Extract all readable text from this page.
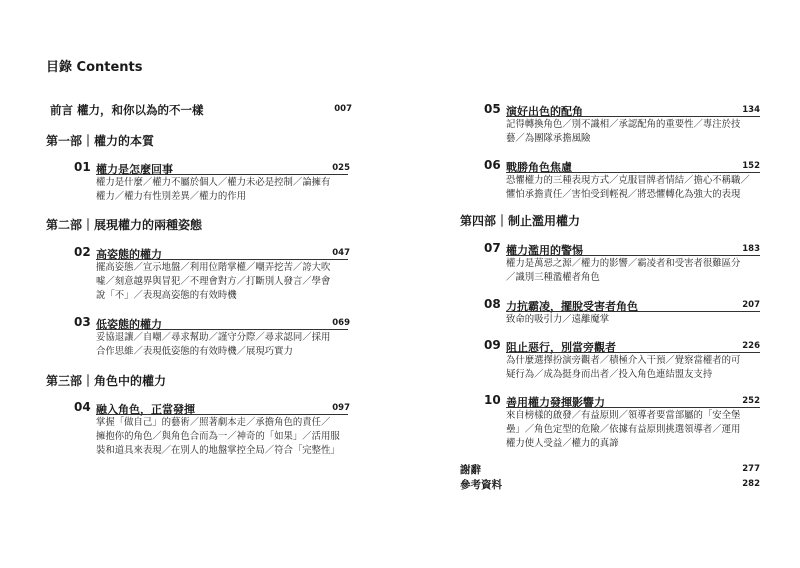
目錄 Contents
前言 權力，和你以為的不一樣	007
第一部｜權力的本質
01 權力是怎麼回事	025
權力是什麼／權力不屬於個人／權力未必是控制／論擁有
權力／權力有性別差異／權力的作用
第二部｜展現權力的兩種姿態
02 高姿態的權力	047
擺高姿態／宣示地盤／利用位階掌權／嘲弄挖苦／誇大吹
噓／刻意越界與冒犯／不理會對方／打斷別人發言／學會
說「不」／表現高姿態的有效時機
03 低姿態的權力	069
妥協退讓／自嘲／尋求幫助／謹守分際／尋求認同／採用
合作思維／表現低姿態的有效時機／展現巧實力
第三部｜角色中的權力
04 融入角色，正當發揮	097
掌握「做自己」的藝術／照著劇本走／承擔角色的責任／
擁抱你的角色／與角色合而為一／神奇的「如果」／活用服
裝和道具來表現／在別人的地盤掌控全局／符合「完整性」
05 演好出色的配角	134
記得轉換角色／別不識相／承認配角的重要性／專注於技
藝／為團隊承擔風險
06 戰勝角色焦慮	152
恐懼權力的三種表現方式／克服冒牌者情結／擔心不稱職／
懼怕承擔責任／害怕受到輕視／將恐懼轉化為強大的表現
第四部｜制止濫用權力
07 權力濫用的警惕	183
權力是萬惡之源／權力的影響／霸凌者和受害者很難區分
／識別三種濫權者角色
08 力抗霸凌，擺脫受害者角色	207
致命的吸引力／遠離魔掌
09 阻止惡行，別當旁觀者	226
為什麼選擇扮演旁觀者／積極介入干預／覺察當權者的可
疑行為／成為挺身而出者／投入角色連結盟友支持
10 善用權力發揮影響力	252
來自榜樣的啟發／有益原則／領導者要當部屬的「安全堡
壘」／角色定型的危險／依據有益原則挑選領導者／運用
權力使人受益／權力的真諦
謝辭	277
參考資料	282
